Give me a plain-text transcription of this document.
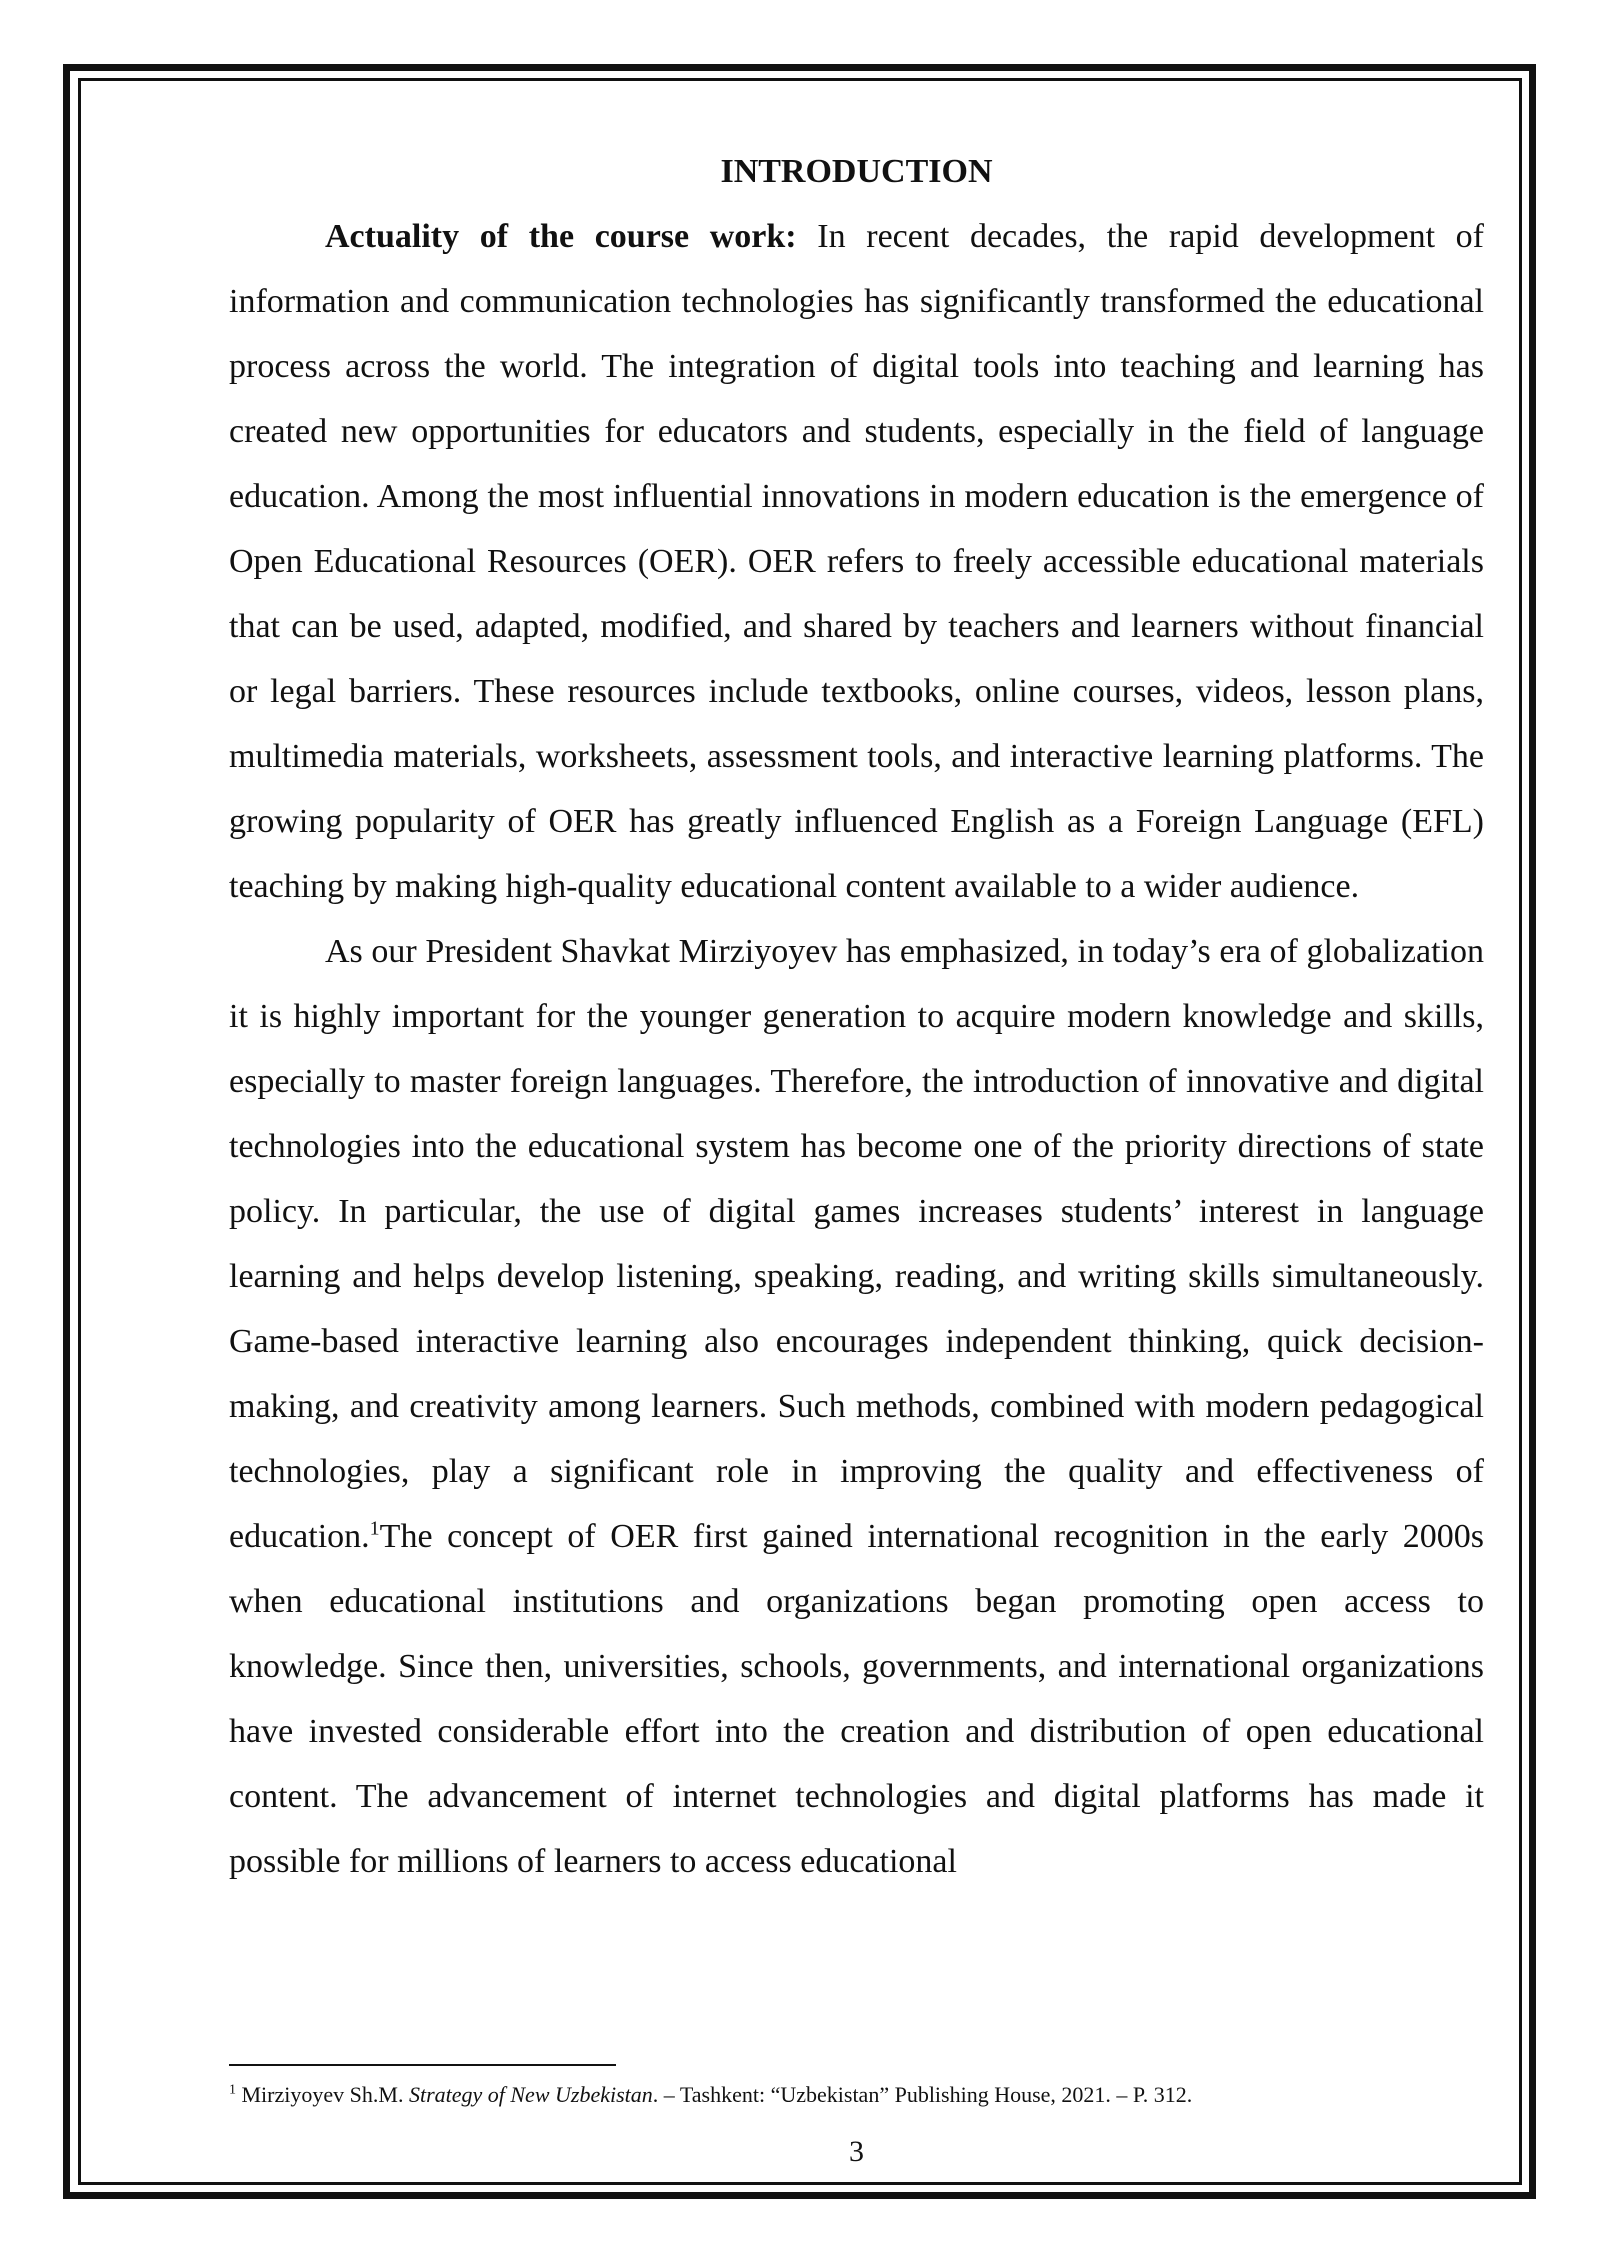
INTRODUCTION

Actuality of the course work: In recent decades, the rapid development of information and communication technologies has significantly transformed the educational process across the world. The integration of digital tools into teaching and learning has created new opportunities for educators and students, especially in the field of language education. Among the most influential innovations in modern education is the emergence of Open Educational Resources (OER). OER refers to freely accessible educational materials that can be used, adapted, modified, and shared by teachers and learners without financial or legal barriers. These resources include textbooks, online courses, videos, lesson plans, multimedia materials, worksheets, assessment tools, and interactive learning platforms. The growing popularity of OER has greatly influenced English as a Foreign Language (EFL) teaching by making high-quality educational content available to a wider audience.

As our President Shavkat Mirziyoyev has emphasized, in today’s era of globalization it is highly important for the younger generation to acquire modern knowledge and skills, especially to master foreign languages. Therefore, the introduction of innovative and digital technologies into the educational system has become one of the priority directions of state policy. In particular, the use of digital games increases students’ interest in language learning and helps develop listening, speaking, reading, and writing skills simultaneously. Game-based interactive learning also encourages independent thinking, quick decision-making, and creativity among learners. Such methods, combined with modern pedagogical technologies, play a significant role in improving the quality and effectiveness of education.$^1$The concept of OER first gained international recognition in the early 2000s when educational institutions and organizations began promoting open access to knowledge. Since then, universities, schools, governments, and international organizations have invested considerable effort into the creation and distribution of open educational content. The advancement of internet technologies and digital platforms has made it possible for millions of learners to access educational

$^1$ Mirziyoyev Sh.M. Strategy of New Uzbekistan. – Tashkent: “Uzbekistan” Publishing House, 2021. – P. 312.
3
